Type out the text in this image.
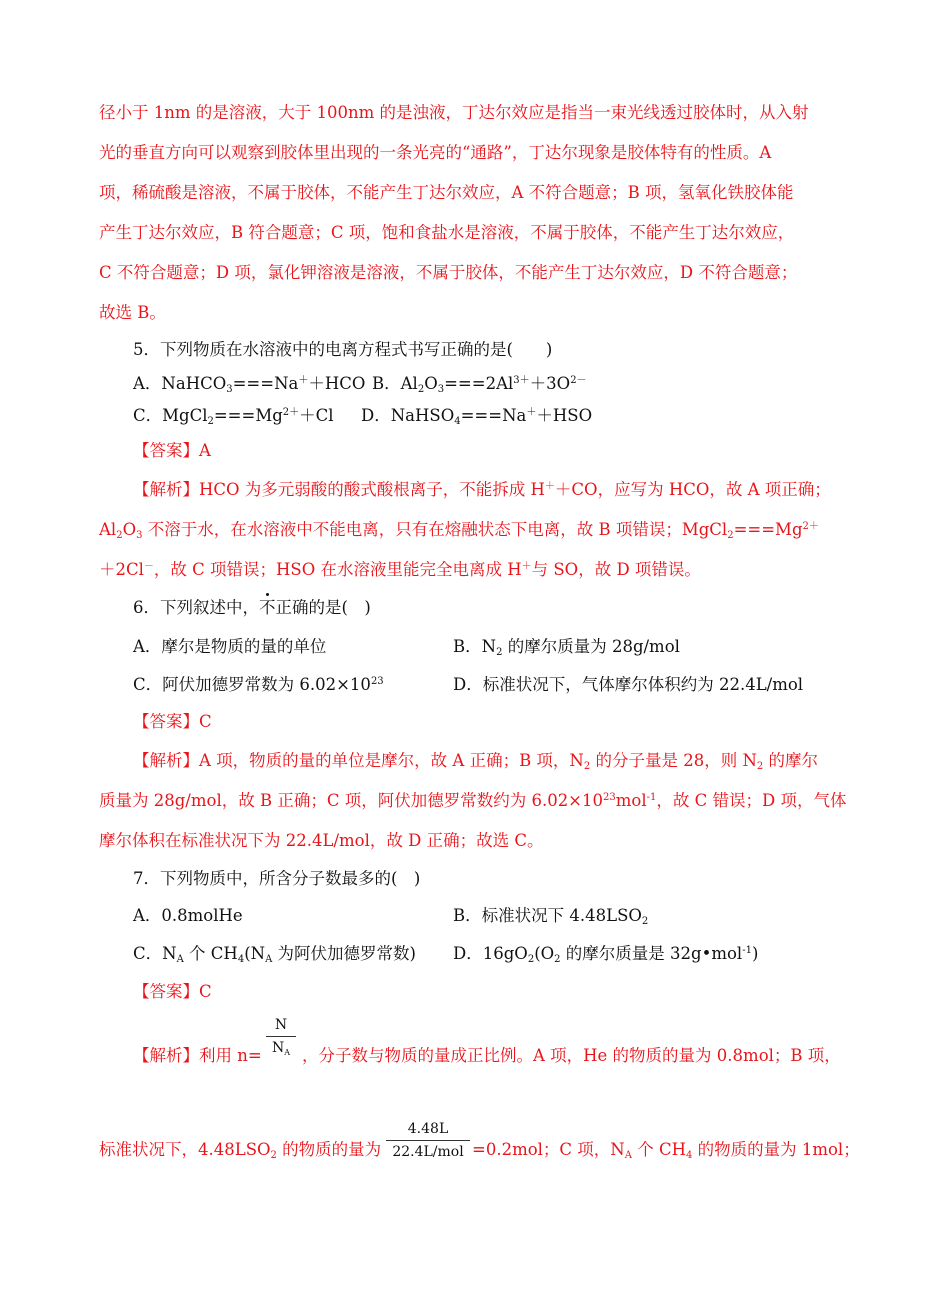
径小于 1nm 的是溶液，大于 100nm 的是浊液，丁达尔效应是指当一束光线透过胶体时，从入射
光的垂直方向可以观察到胶体里出现的一条光亮的“通路”，丁达尔现象是胶体特有的性质。A
项，稀硫酸是溶液，不属于胶体，不能产生丁达尔效应，A 不符合题意；B 项，氢氧化铁胶体能
产生丁达尔效应，B 符合题意；C 项，饱和食盐水是溶液，不属于胶体，不能产生丁达尔效应，
C 不符合题意；D 项，氯化钾溶液是溶液，不属于胶体，不能产生丁达尔效应，D 不符合题意；
故选 B。
5．下列物质在水溶液中的电离方程式书写正确的是(　　)
A．NaHCO$_3$===Na＋＋HCO B．$Al_2O_3===2Al^{3+}+3O^{2-}$
C．$MgCl_2===Mg^{2+}+Cl$ D．NaHSO$_4$===Na＋＋HSO
【答案】A
【解析】HCO 为多元弱酸的酸式酸根离子，不能拆成 H＋＋CO，应写为 HCO，故 A 项正确；
$Al_2O_3$ 不溶于水，在水溶液中不能电离，只有在熔融状态下电离，故 B 项错误；$MgCl_2===Mg^{2+}$
＋2Cl－，故 C 项错误；HSO 在水溶液里能完全电离成 H＋与 SO，故 D 项错误。
6．下列叙述中，
不正确的是(　)
A．摩尔是物质的量的单位	B．$N_2$ 的摩尔质量为 28g/mol
C．阿伏加德罗常数为 $6.02\times 10^{23}$	D．标准状况下，气体摩尔体积约为 22.4L/mol
【答案】C
【解析】A 项，物质的量的单位是摩尔，故 A 正确；B 项，$N_2$ 的分子量是 28，则 $N_2$ 的摩尔
质量为 28g/mol，故 B 正确；C 项，阿伏加德罗常数约为 $6.02\times 10^{23}mol^{-1}$，故 C 错误；D 项，气体
摩尔体积在标准状况下为 22.4L/mol，故 D 正确；故选 C。
7．下列物质中，所含分子数最多的(　)
A．0.8molHe	B．标准状况下 $4.48LSO_2$
C．$N_A$ 个 $CH_4(N_A$ 为阿伏加德罗常数) D．$16gO_2(O_2$ 的摩尔质量是 32g•mol$^{-1}$)
【答案】C
【解析】利用 n=
N
$N_A$ ，分子数与物质的量成正比例。A 项，He 的物质的量为 0.8mol；B 项，
标准状况下，$4.48LSO_2$ 的物质的量为
4.48L
22.4L/mol =0.2mol；C 项，$N_A$ 个 $CH_4$ 的物质的量为 1mol；
